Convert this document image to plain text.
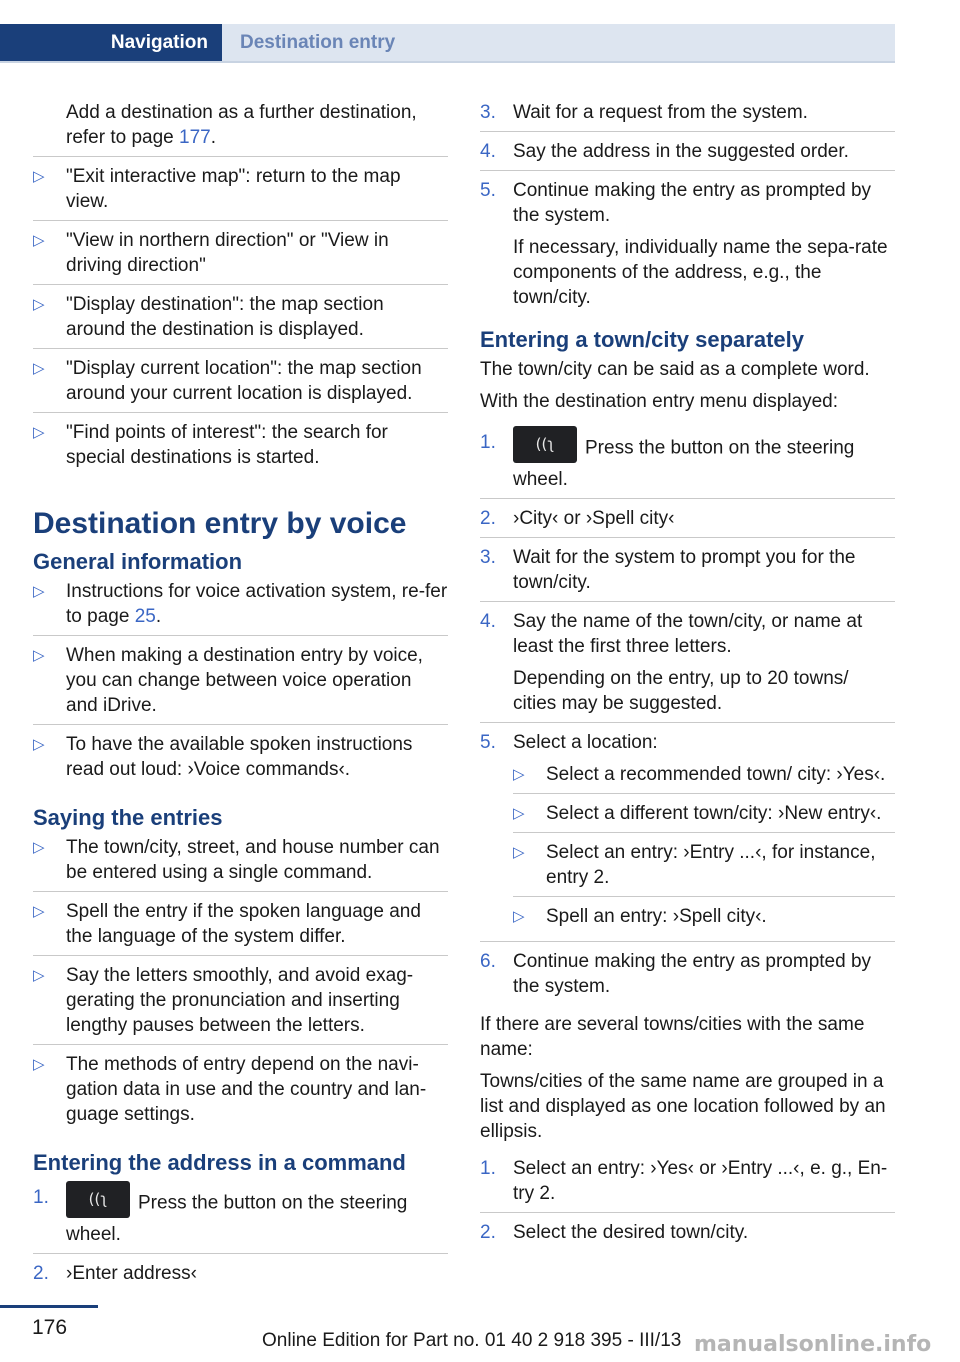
Navigation	Destination entry
Add a destination as a further destination, refer to page 177.
▷ "Exit interactive map": return to the map view.
▷ "View in northern direction" or "View in driving direction"
▷ "Display destination": the map section around the destination is displayed.
▷ "Display current location": the map section around your current location is displayed.
▷ "Find points of interest": the search for special destinations is started.
Destination entry by voice
General information
▷ Instructions for voice activation system, re-fer to page 25.
▷ When making a destination entry by voice, you can change between voice operation and iDrive.
▷ To have the available spoken instructions read out loud: ›Voice commands‹.
Saying the entries
▷ The town/city, street, and house number can be entered using a single command.
▷ Spell the entry if the spoken language and the language of the system differ.
▷ Say the letters smoothly, and avoid exag-gerating the pronunciation and inserting lengthy pauses between the letters.
▷ The methods of entry depend on the navi-gation data in use and the country and lan-guage settings.
Entering the address in a command
1.	((ʅ	Press the button on the steering wheel.
2. ›Enter address‹
3. Wait for a request from the system.
4. Say the address in the suggested order.
5. Continue making the entry as prompted by the system.
If necessary, individually name the sepa-rate components of the address, e.g., the town/city.
Entering a town/city separately
The town/city can be said as a complete word.
With the destination entry menu displayed:
1.	((ʅ	Press the button on the steering wheel.
2. ›City‹ or ›Spell city‹
3. Wait for the system to prompt you for the town/city.
4. Say the name of the town/city, or name at least the first three letters.
Depending on the entry, up to 20 towns/ cities may be suggested.
5. Select a location:
▷ Select a recommended town/ city: ›Yes‹.
▷ Select a different town/city: ›New entry‹.
▷ Select an entry: ›Entry ...‹, for instance, entry 2.
▷ Spell an entry: ›Spell city‹.
6. Continue making the entry as prompted by the system.
If there are several towns/cities with the same name:
Towns/cities of the same name are grouped in a list and displayed as one location followed by an ellipsis.
1. Select an entry: ›Yes‹ or ›Entry ...‹, e. g., En-try 2.
2. Select the desired town/city.
176
Online Edition for Part no. 01 40 2 918 395 - III/13 manualsonline.info
